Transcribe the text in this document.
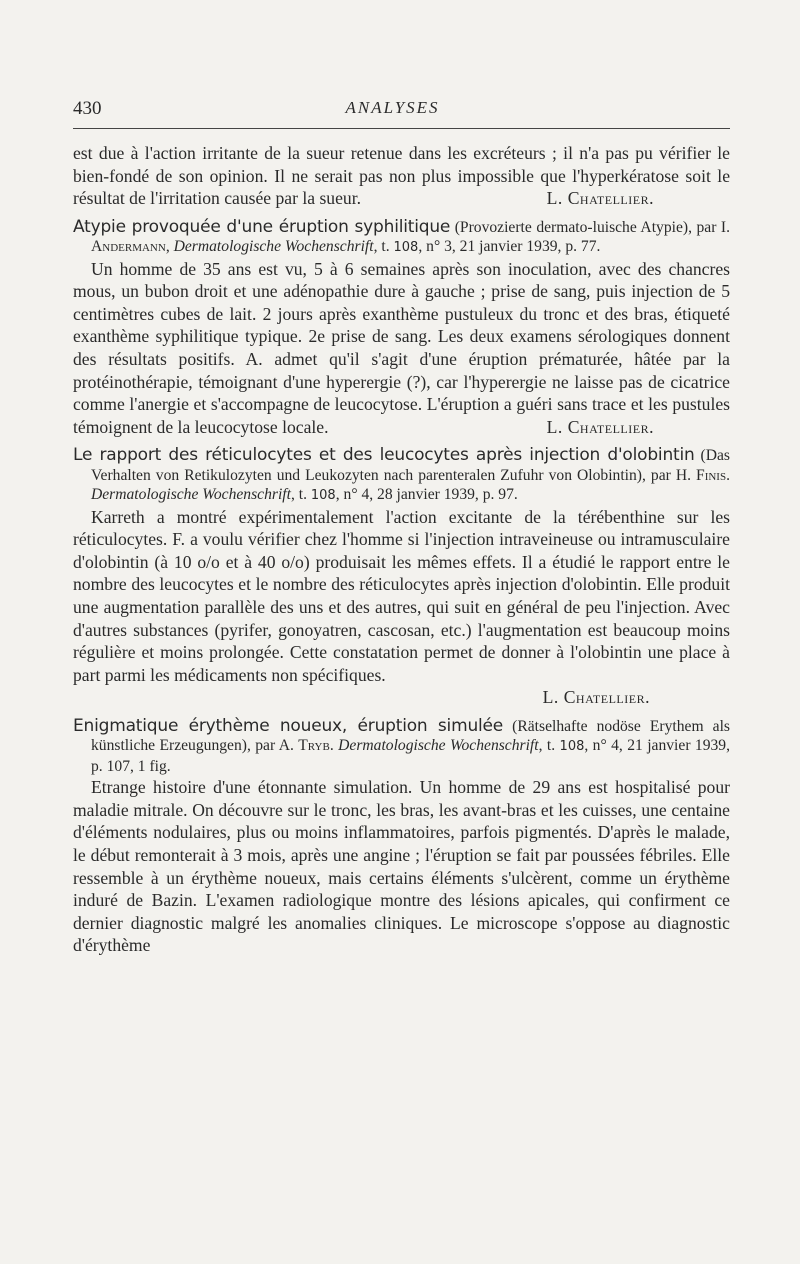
430	ANALYSES

est due à l'action irritante de la sueur retenue dans les excréteurs ; il n'a pas pu vérifier le bien-fondé de son opinion. Il ne serait pas non plus impossible que l'hyperkératose soit le résultat de l'irritation causée par la sueur.	L. Chatellier.

Atypie provoquée d'une éruption syphilitique (Provozierte dermato-luische Atypie), par I. Andermann, Dermatologische Wochenschrift, t. 108, n° 3, 21 janvier 1939, p. 77.

Un homme de 35 ans est vu, 5 à 6 semaines après son inoculation, avec des chancres mous, un bubon droit et une adénopathie dure à gauche ; prise de sang, puis injection de 5 centimètres cubes de lait. 2 jours après exanthème pustuleux du tronc et des bras, étiqueté exanthème syphilitique typique. 2e prise de sang. Les deux examens sérologiques donnent des résultats positifs. A. admet qu'il s'agit d'une éruption prématurée, hâtée par la protéinothérapie, témoignant d'une hyperergie (?), car l'hyperergie ne laisse pas de cicatrice comme l'anergie et s'accompagne de leucocytose. L'éruption a guéri sans trace et les pustules témoignent de la leucocytose locale.	L. Chatellier.

Le rapport des réticulocytes et des leucocytes après injection d'olobintin (Das Verhalten von Retikulozyten und Leukozyten nach parenteralen Zufuhr von Olobintin), par H. Finis. Dermatologische Wochenschrift, t. 108, n° 4, 28 janvier 1939, p. 97.

Karreth a montré expérimentalement l'action excitante de la térébenthine sur les réticulocytes. F. a voulu vérifier chez l'homme si l'injection intraveineuse ou intramusculaire d'olobintin (à 10 o/o et à 40 o/o) produisait les mêmes effets. Il a étudié le rapport entre le nombre des leucocytes et le nombre des réticulocytes après injection d'olobintin. Elle produit une augmentation parallèle des uns et des autres, qui suit en général de peu l'injection. Avec d'autres substances (pyrifer, gonoyatren, cascosan, etc.) l'augmentation est beaucoup moins régulière et moins prolongée. Cette constatation permet de donner à l'olobintin une place à part parmi les médicaments non spécifiques.

L. Chatellier.

Enigmatique érythème noueux, éruption simulée (Rätselhafte nodöse Erythem als künstliche Erzeugungen), par A. Tryb. Dermatologische Wochenschrift, t. 108, n° 4, 21 janvier 1939, p. 107, 1 fig.

Etrange histoire d'une étonnante simulation. Un homme de 29 ans est hospitalisé pour maladie mitrale. On découvre sur le tronc, les bras, les avant-bras et les cuisses, une centaine d'éléments nodulaires, plus ou moins inflammatoires, parfois pigmentés. D'après le malade, le début remonterait à 3 mois, après une angine ; l'éruption se fait par poussées fébriles. Elle ressemble à un érythème noueux, mais certains éléments s'ulcèrent, comme un érythème induré de Bazin. L'examen radiologique montre des lésions apicales, qui confirment ce dernier diagnostic malgré les anomalies cliniques. Le microscope s'oppose au diagnostic d'érythème
